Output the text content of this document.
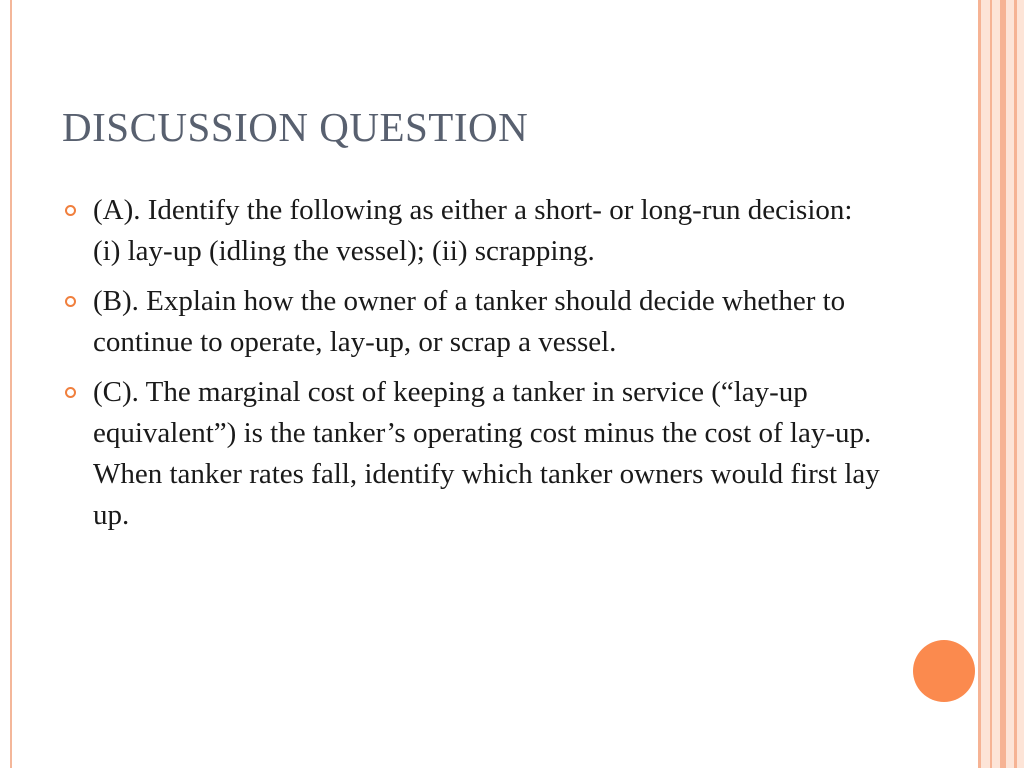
DISCUSSION QUESTION
(A). Identify the following as either a short- or long-run decision: (i) lay-up (idling the vessel); (ii) scrapping.
(B). Explain how the owner of a tanker should decide whether to continue to operate, lay-up, or scrap a vessel.
(C). The marginal cost of keeping a tanker in service (“lay-up equivalent”) is the tanker’s operating cost minus the cost of lay-up. When tanker rates fall, identify which tanker owners would first lay up.
